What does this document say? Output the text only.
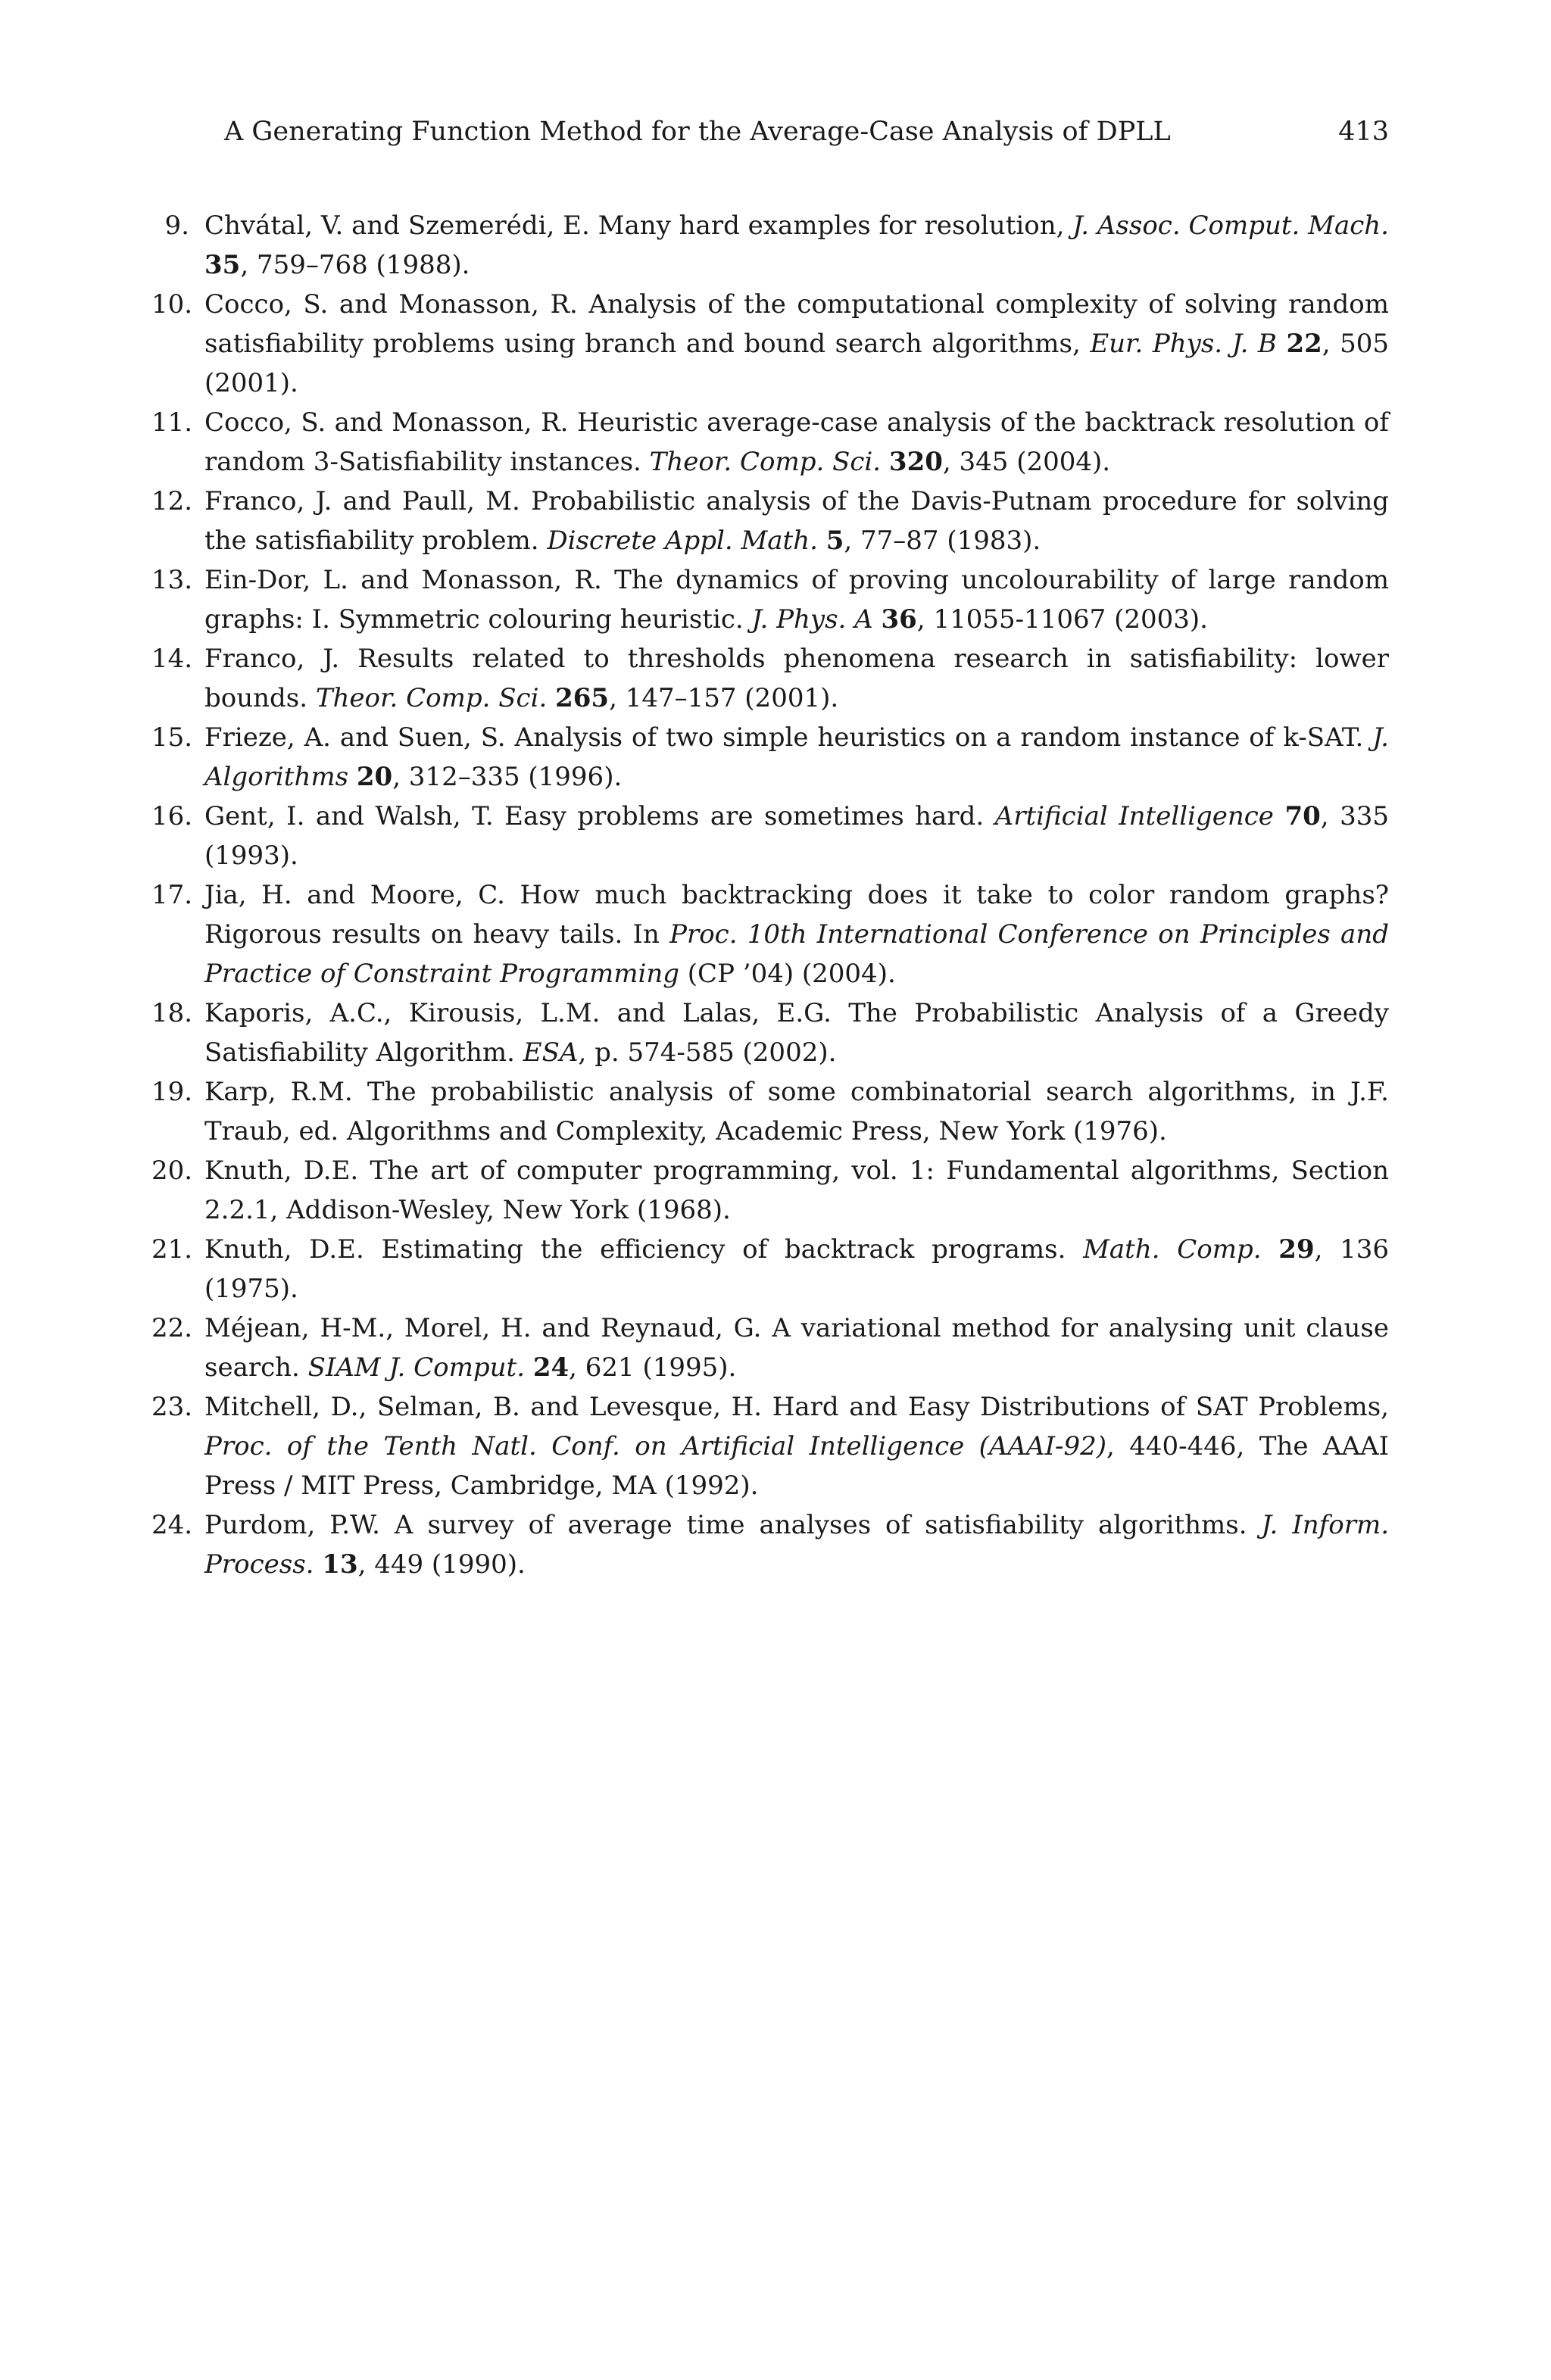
A Generating Function Method for the Average-Case Analysis of DPLL	413
9. Chvátal, V. and Szemerédi, E. Many hard examples for resolution, J. Assoc. Comput. Mach. 35, 759–768 (1988).
10. Cocco, S. and Monasson, R. Analysis of the computational complexity of solving random satisfiability problems using branch and bound search algorithms, Eur. Phys. J. B 22, 505 (2001).
11. Cocco, S. and Monasson, R. Heuristic average-case analysis of the backtrack resolution of random 3-Satisfiability instances. Theor. Comp. Sci. 320, 345 (2004).
12. Franco, J. and Paull, M. Probabilistic analysis of the Davis-Putnam procedure for solving the satisfiability problem. Discrete Appl. Math. 5, 77–87 (1983).
13. Ein-Dor, L. and Monasson, R. The dynamics of proving uncolourability of large random graphs: I. Symmetric colouring heuristic. J. Phys. A 36, 11055-11067 (2003).
14. Franco, J. Results related to thresholds phenomena research in satisfiability: lower bounds. Theor. Comp. Sci. 265, 147–157 (2001).
15. Frieze, A. and Suen, S. Analysis of two simple heuristics on a random instance of k-SAT. J. Algorithms 20, 312–335 (1996).
16. Gent, I. and Walsh, T. Easy problems are sometimes hard. Artificial Intelligence 70, 335 (1993).
17. Jia, H. and Moore, C. How much backtracking does it take to color random graphs? Rigorous results on heavy tails. In Proc. 10th International Conference on Principles and Practice of Constraint Programming (CP ’04) (2004).
18. Kaporis, A.C., Kirousis, L.M. and Lalas, E.G. The Probabilistic Analysis of a Greedy Satisfiability Algorithm. ESA, p. 574-585 (2002).
19. Karp, R.M. The probabilistic analysis of some combinatorial search algorithms, in J.F. Traub, ed. Algorithms and Complexity, Academic Press, New York (1976).
20. Knuth, D.E. The art of computer programming, vol. 1: Fundamental algorithms, Section 2.2.1, Addison-Wesley, New York (1968).
21. Knuth, D.E. Estimating the efficiency of backtrack programs. Math. Comp. 29, 136 (1975).
22. Méjean, H-M., Morel, H. and Reynaud, G. A variational method for analysing unit clause search. SIAM J. Comput. 24, 621 (1995).
23. Mitchell, D., Selman, B. and Levesque, H. Hard and Easy Distributions of SAT Problems, Proc. of the Tenth Natl. Conf. on Artificial Intelligence (AAAI-92), 440-446, The AAAI Press / MIT Press, Cambridge, MA (1992).
24. Purdom, P.W. A survey of average time analyses of satisfiability algorithms. J. Inform. Process. 13, 449 (1990).
